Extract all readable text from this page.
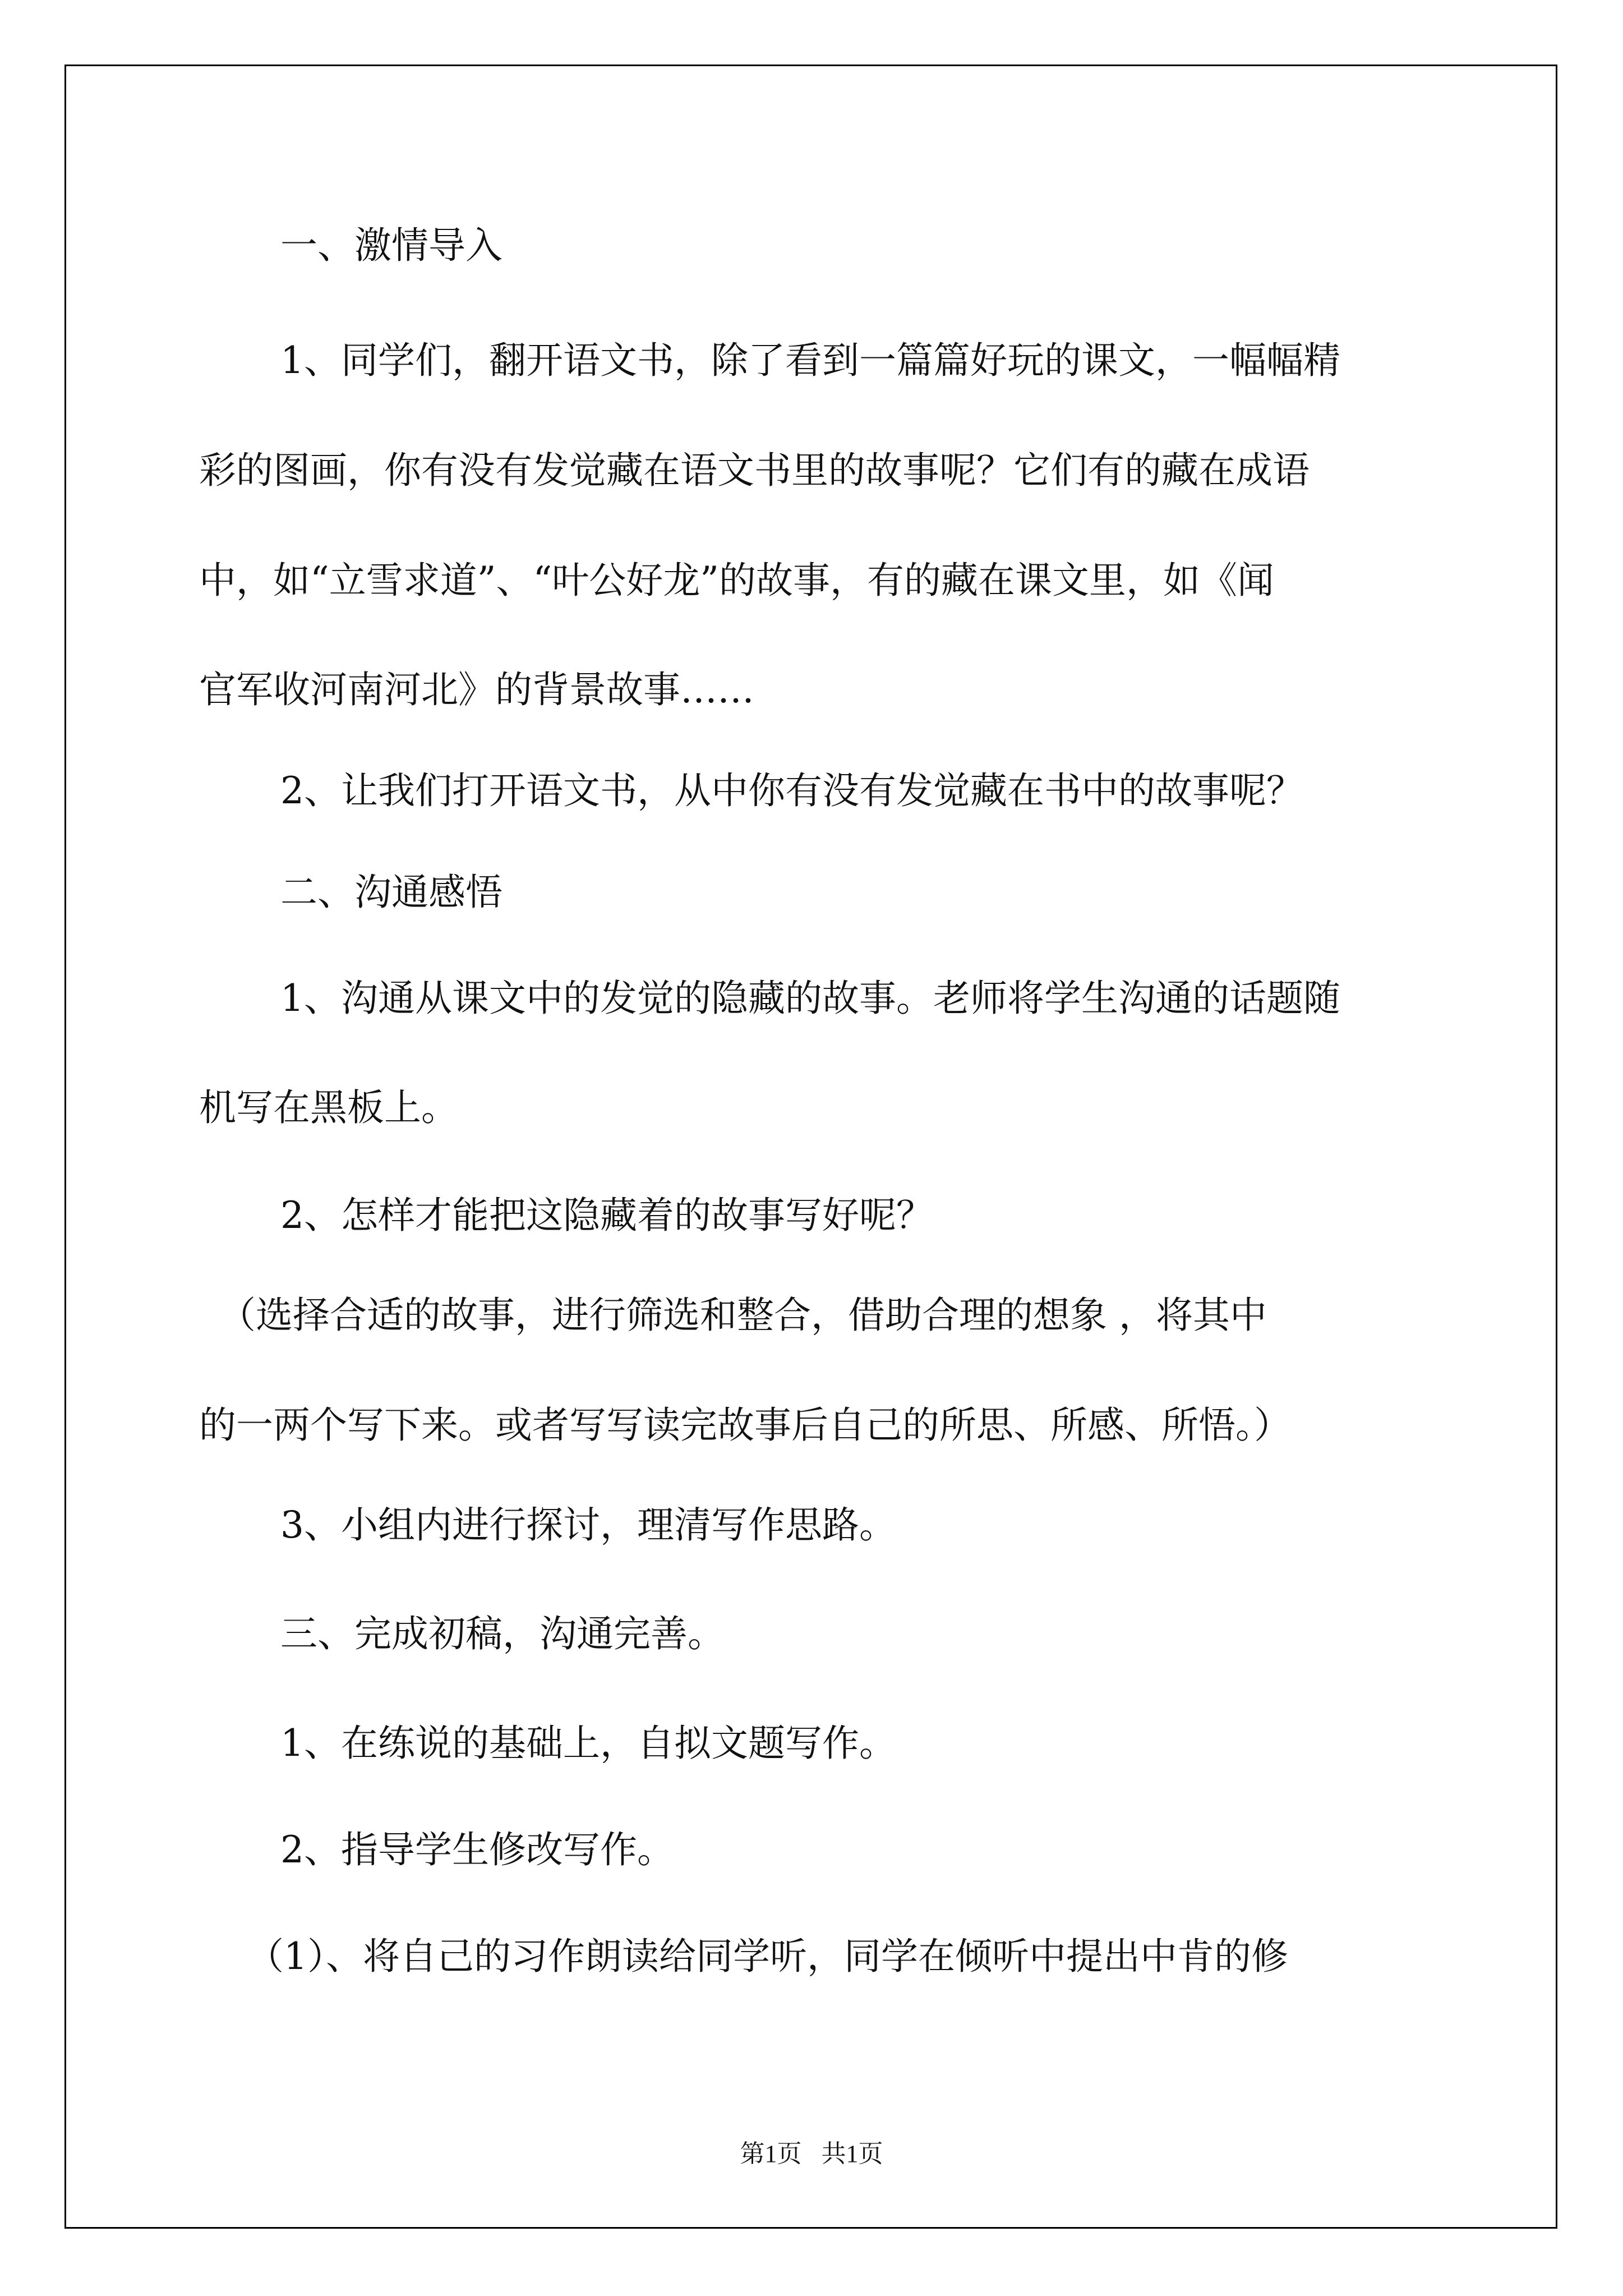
一、激情导入

1、同学们，翻开语文书，除了看到一篇篇好玩的课文，一幅幅精

彩的图画，你有没有发觉藏在语文书里的故事呢？它们有的藏在成语

中，如“立雪求道”、“叶公好龙”的故事，有的藏在课文里，如《闻

官军收河南河北》的背景故事……

2、让我们打开语文书，从中你有没有发觉藏在书中的故事呢？

二、沟通感悟

1、沟通从课文中的发觉的隐藏的故事。老师将学生沟通的话题随

机写在黑板上。

2、怎样才能把这隐藏着的故事写好呢？

（选择合适的故事，进行筛选和整合，借助合理的想象 ，将其中

的一两个写下来。或者写写读完故事后自己的所思、所感、所悟。）

3、小组内进行探讨，理清写作思路。

三、完成初稿，沟通完善。

1、在练说的基础上，自拟文题写作。

2、指导学生修改写作。

（1）、将自己的习作朗读给同学听，同学在倾听中提出中肯的修

第1页 共1页
